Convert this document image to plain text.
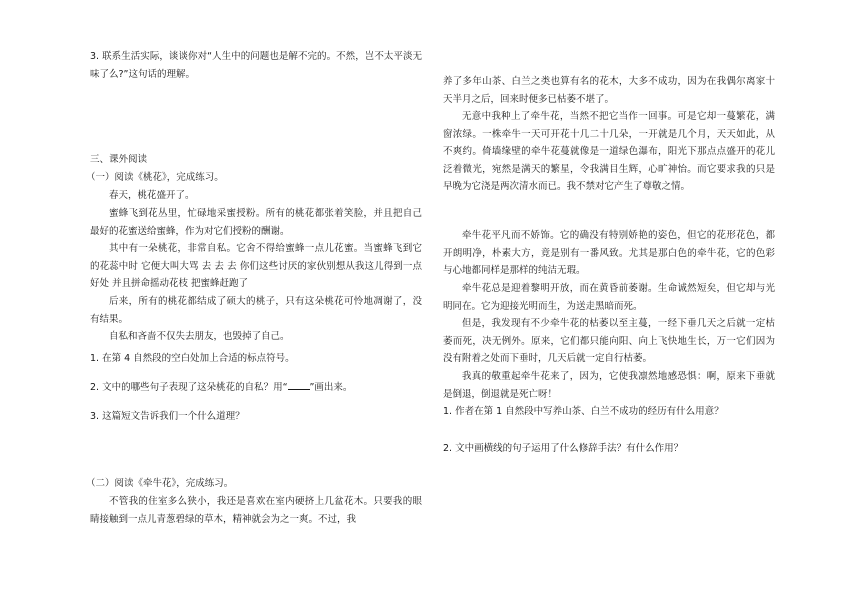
3. 联系生活实际，谈谈你对“人生中的问题也是解不完的。不然，岂不太平淡无味了么?”这句话的理解。

三、课外阅读

（一）阅读《桃花》，完成练习。

春天，桃花盛开了。

蜜蜂飞到花丛里，忙碌地采蜜授粉。所有的桃花都张着笑脸，并且把自己最好的花蜜送给蜜蜂，作为对它们授粉的酬谢。

其中有一朵桃花，非常自私。它舍不得给蜜蜂一点儿花蜜。当蜜蜂飞到它的花蕊中时 它便大叫大骂 去 去 去 你们这些讨厌的家伙别想从我这儿得到一点好处 并且拼命摇动花枝 把蜜蜂赶跑了

后来，所有的桃花都结成了硕大的桃子，只有这朵桃花可怜地凋谢了，没有结果。

自私和吝啬不仅失去朋友，也毁掉了自己。

1. 在第 4 自然段的空白处加上合适的标点符号。

2. 文中的哪些句子表现了这朵桃花的自私？用“ ”画出来。

3. 这篇短文告诉我们一个什么道理？

（二）阅读《牵牛花》，完成练习。

不管我的住室多么狭小，我还是喜欢在室内硬挤上几盆花木。只要我的眼睛接触到一点儿青葱碧绿的草木，精神就会为之一爽。不过，我

养了多年山茶、白兰之类也算有名的花木，大多不成功，因为在我偶尔离家十天半月之后，回来时便多已枯萎不堪了。

无意中我种上了牵牛花，当然不把它当作一回事。可是它却一蔓繁花，满窗浓绿。一株牵牛一天可开花十几二十几朵，一开就是几个月，天天如此，从不爽约。倚墙缘壁的牵牛花蔓就像是一道绿色瀑布，阳光下那点点盛开的花儿泛着微光，宛然是满天的繁星，令我满目生辉，心旷神怡。而它要求我的只是早晚为它浇是两次清水而已。我不禁对它产生了尊敬之情。

牵牛花平凡而不娇饰。它的确没有特别娇艳的姿色，但它的花形花色，都开朗明净，朴素大方，竟是别有一番风致。尤其是那白色的牵牛花，它的色彩与心地都同样是那样的纯洁无瑕。

牵牛花总是迎着黎明开放，而在黄昏前萎谢。生命诚然短矣，但它却与光明同在。它为迎接光明而生，为送走黑暗而死。

但是，我发现有不少牵牛花的枯萎以至主蔓，一经下垂几天之后就一定枯萎而死，决无例外。原来，它们都只能向阳、向上飞快地生长，万一它们因为没有附着之处而下垂时，几天后就一定自行枯萎。

我真的敬重起牵牛花来了，因为，它使我凛然地感恐惧：啊，原来下垂就是倒退，倒退就是死亡呀！

1. 作者在第 1 自然段中写养山茶、白兰不成功的经历有什么用意？

2. 文中画横线的句子运用了什么修辞手法？有什么作用？
